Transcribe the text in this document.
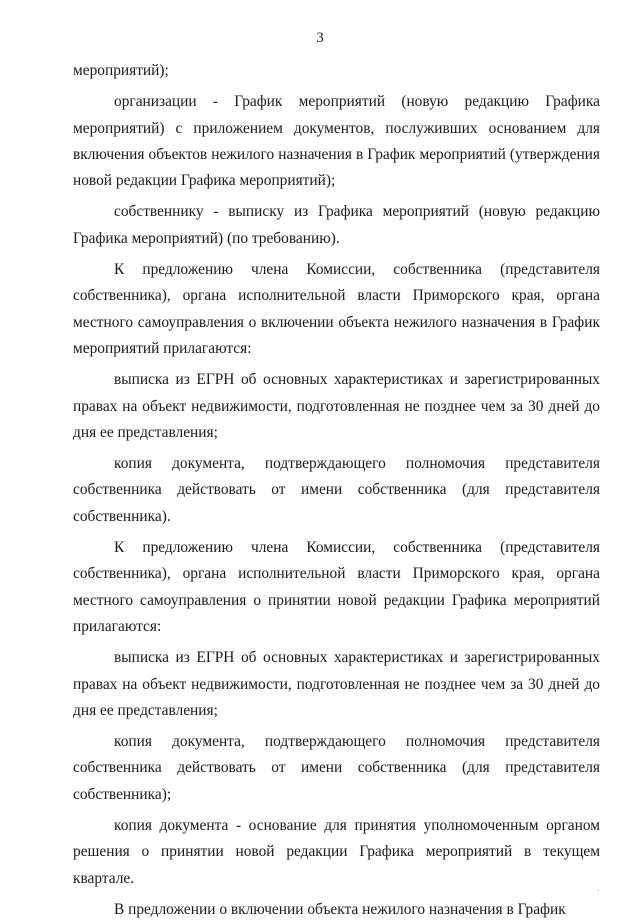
3

мероприятий);

организации - График мероприятий (новую редакцию Графика мероприятий) с приложением документов, послуживших основанием для включения объектов нежилого назначения в График мероприятий (утверждения новой редакции Графика мероприятий);

собственнику - выписку из Графика мероприятий (новую редакцию Графика мероприятий) (по требованию).

К предложению члена Комиссии, собственника (представителя собственника), органа исполнительной власти Приморского края, органа местного самоуправления о включении объекта нежилого назначения в График мероприятий прилагаются:

выписка из ЕГРН об основных характеристиках и зарегистрированных правах на объект недвижимости, подготовленная не позднее чем за 30 дней до дня ее представления;

копия документа, подтверждающего полномочия представителя собственника действовать от имени собственника (для представителя собственника).

К предложению члена Комиссии, собственника (представителя собственника), органа исполнительной власти Приморского края, органа местного самоуправления о принятии новой редакции Графика мероприятий прилагаются:

выписка из ЕГРН об основных характеристиках и зарегистрированных правах на объект недвижимости, подготовленная не позднее чем за 30 дней до дня ее представления;

копия документа, подтверждающего полномочия представителя собственника действовать от имени собственника (для представителя собственника);

копия документа - основание для принятия уполномоченным органом решения о принятии новой редакции Графика мероприятий в текущем квартале.

В предложении о включении объекта нежилого назначения в График

.
